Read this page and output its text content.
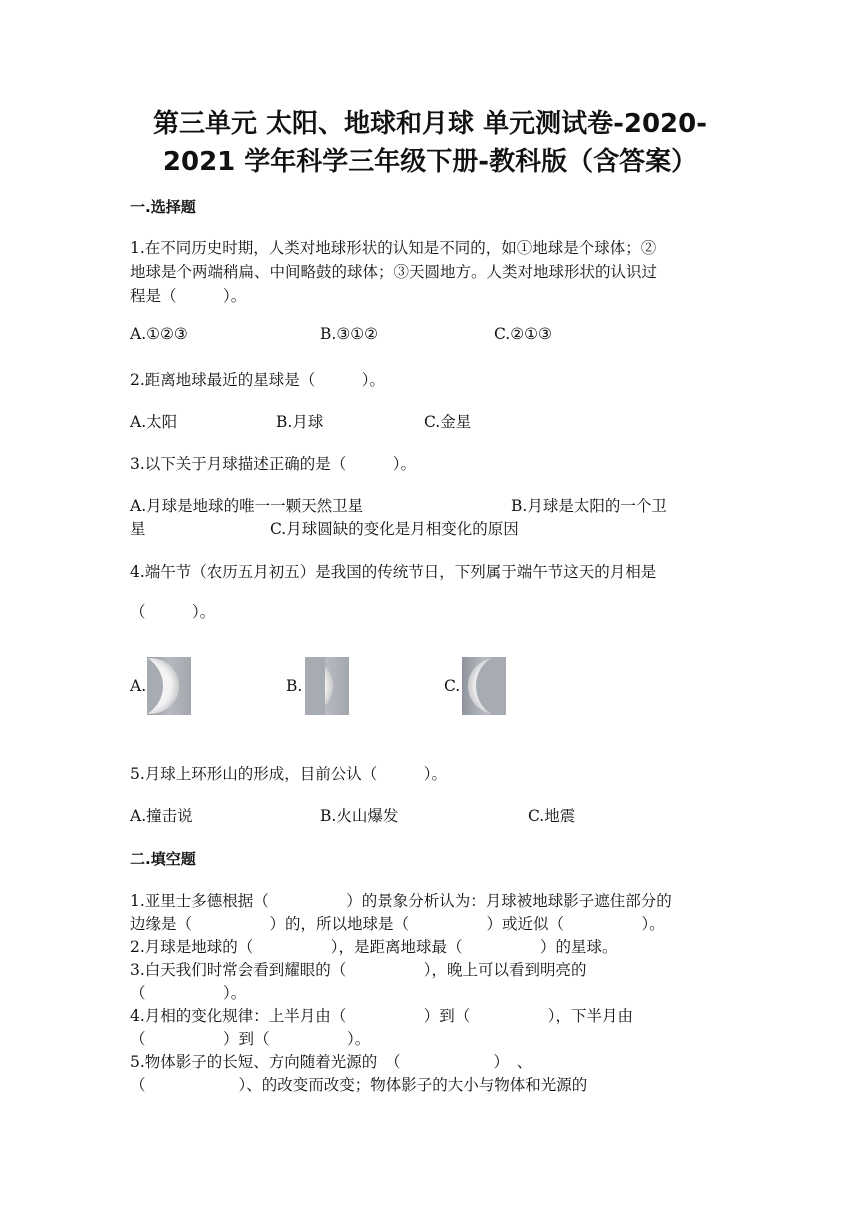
第三单元 太阳、地球和月球 单元测试卷-2020-
2021 学年科学三年级下册-教科版（含答案）
一.选择题
1.在不同历史时期，人类对地球形状的认知是不同的，如①地球是个球体；②
地球是个两端稍扁、中间略鼓的球体；③天圆地方。人类对地球形状的认识过
程是（　　　）。
A.①②③	B.③①②	C.②①③
2.距离地球最近的星球是（　　　）。
A.太阳	B.月球	C.金星
3.以下关于月球描述正确的是（　　　）。
A.月球是地球的唯一一颗天然卫星	B.月球是太阳的一个卫
星	C.月球圆缺的变化是月相变化的原因
4.端午节（农历五月初五）是我国的传统节日，下列属于端午节这天的月相是
（　　　）。
A.	B.	C.
5.月球上环形山的形成，目前公认（　　　）。
A.撞击说	B.火山爆发	C.地震
二.填空题
1.亚里士多德根据（　　　　　）的景象分析认为：月球被地球影子遮住部分的
边缘是（　　　　　）的，所以地球是（　　　　　）或近似（　　　　　）。
2.月球是地球的（　　　　　），是距离地球最（　　　　　）的星球。
3.白天我们时常会看到耀眼的（　　　　　），晚上可以看到明亮的
（　　　　　）。
4.月相的变化规律：上半月由（　　　　　）到（　　　　　），下半月由
（　　　　　）到（　　　　　）。
5.物体影子的长短、方向随着光源的　（　　　　　　）　、
（　　　　　　）、的改变而改变；物体影子的大小与物体和光源的
